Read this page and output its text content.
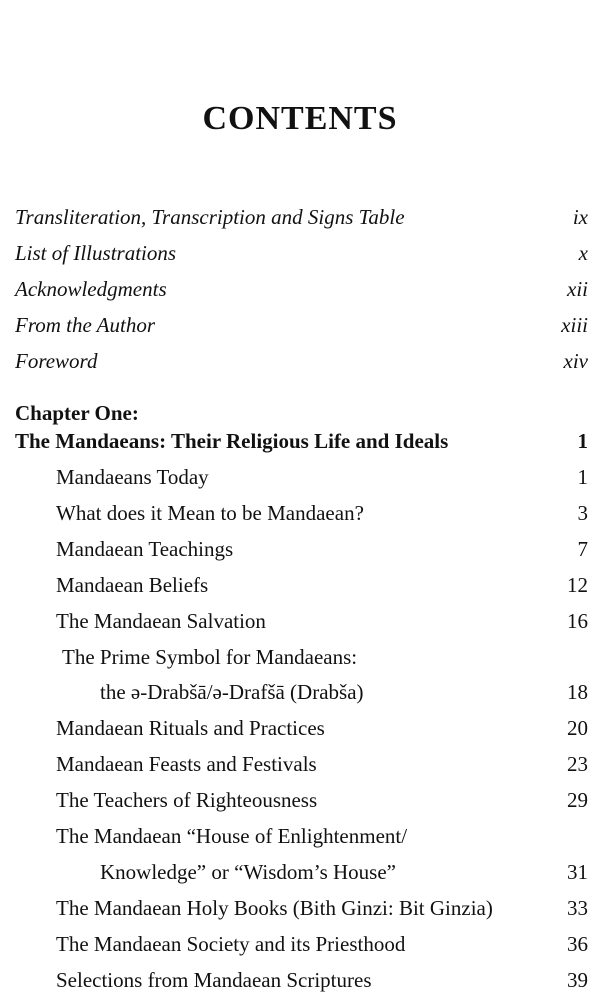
CONTENTS
Transliteration, Transcription and Signs Table	ix
List of Illustrations	x
Acknowledgments	xii
From the Author	xiii
Foreword	xiv
Chapter One:
The Mandaeans: Their Religious Life and Ideals	1
Mandaeans Today	1
What does it Mean to be Mandaean?	3
Mandaean Teachings	7
Mandaean Beliefs	12
The Mandaean Salvation	16
The Prime Symbol for Mandaeans:
the ə-Drabšā/ə-Drafšā (Drabša)	18
Mandaean Rituals and Practices	20
Mandaean Feasts and Festivals	23
The Teachers of Righteousness	29
The Mandaean “House of Enlightenment/
Knowledge” or “Wisdom’s House”	31
The Mandaean Holy Books (Bith Ginzi: Bit Ginzia)	33
The Mandaean Society and its Priesthood	36
Selections from Mandaean Scriptures	39
